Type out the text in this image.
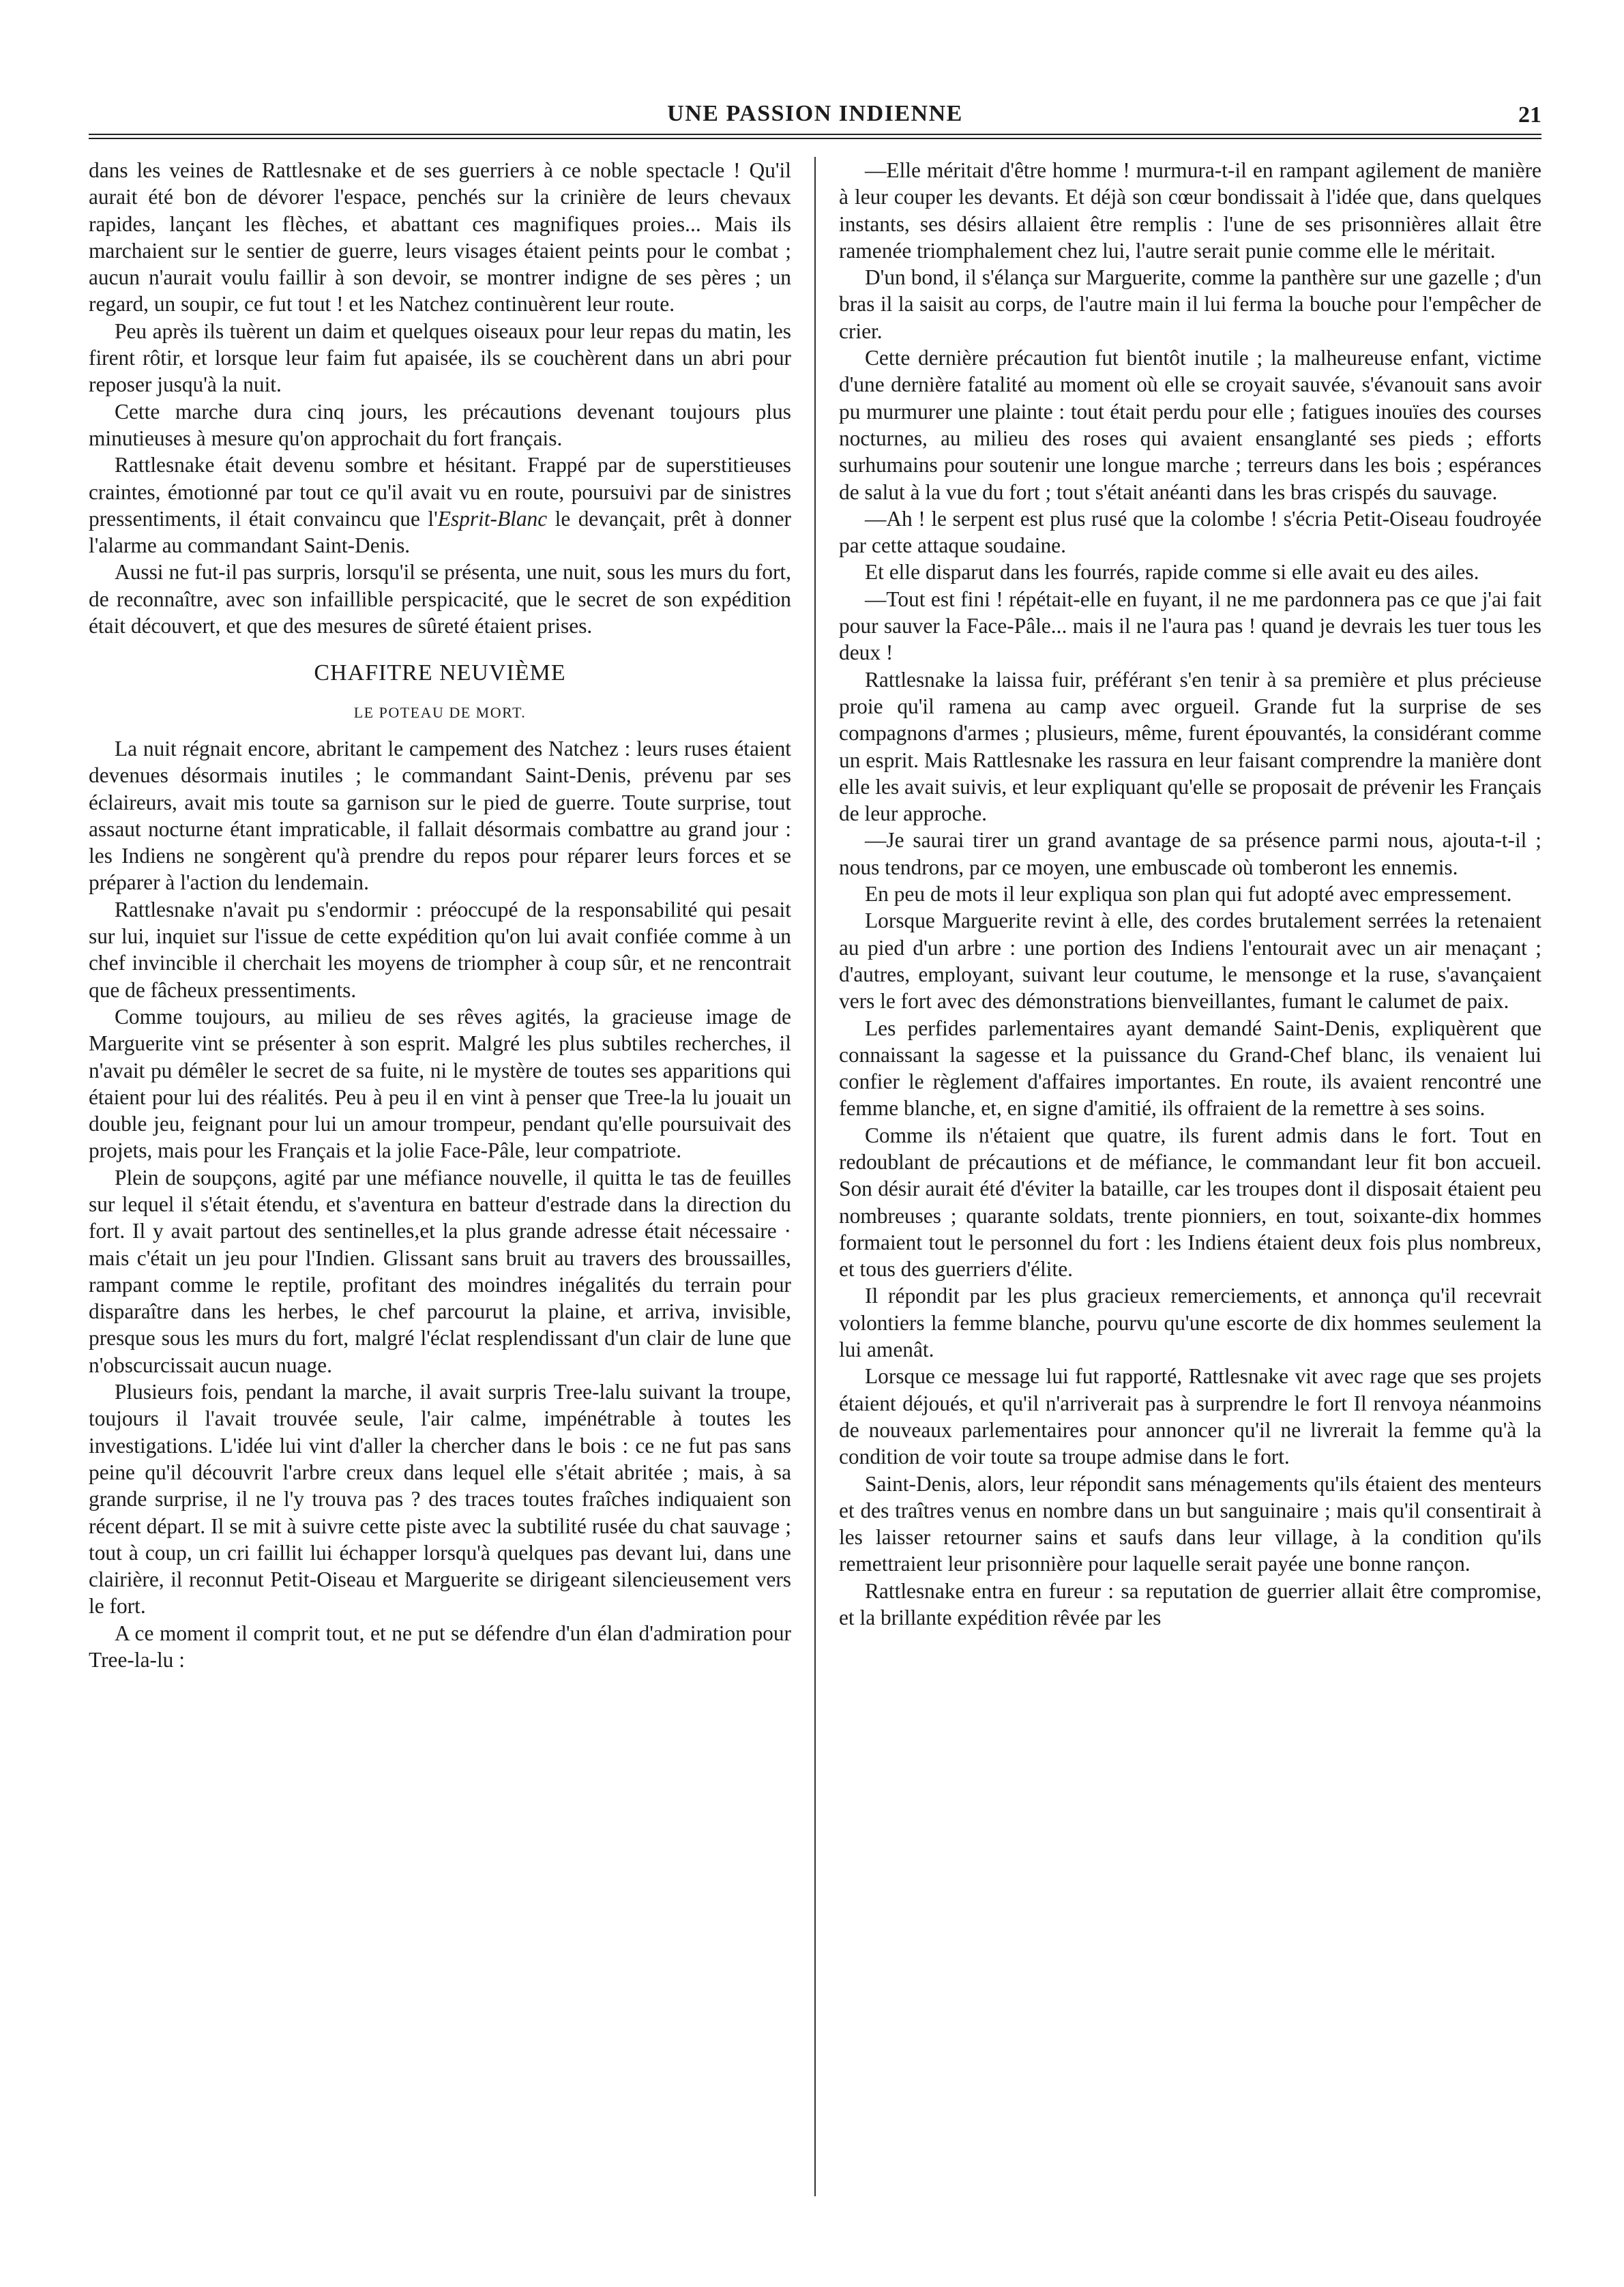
UNE PASSION INDIENNE	21

dans les veines de Rattlesnake et de ses guerriers à ce noble spectacle ! Qu'il aurait été bon de dévorer l'espace, penchés sur la crinière de leurs chevaux rapides, lançant les flèches, et abattant ces magnifiques proies... Mais ils marchaient sur le sentier de guerre, leurs visages étaient peints pour le combat ; aucun n'aurait voulu faillir à son devoir, se montrer indigne de ses pères ; un regard, un soupir, ce fut tout ! et les Natchez continuèrent leur route.

Peu après ils tuèrent un daim et quelques oiseaux pour leur repas du matin, les firent rôtir, et lorsque leur faim fut apaisée, ils se couchèrent dans un abri pour reposer jusqu'à la nuit.

Cette marche dura cinq jours, les précautions devenant toujours plus minutieuses à mesure qu'on approchait du fort français.

Rattlesnake était devenu sombre et hésitant. Frappé par de superstitieuses craintes, émotionné par tout ce qu'il avait vu en route, poursuivi par de sinistres pressentiments, il était convaincu que l'Esprit-Blanc le devançait, prêt à donner l'alarme au commandant Saint-Denis.

Aussi ne fut-il pas surpris, lorsqu'il se présenta, une nuit, sous les murs du fort, de reconnaître, avec son infaillible perspicacité, que le secret de son expédition était découvert, et que des mesures de sûreté étaient prises.

CHAFITRE NEUVIÈME
LE POTEAU DE MORT.

La nuit régnait encore, abritant le campement des Natchez : leurs ruses étaient devenues désormais inutiles ; le commandant Saint-Denis, prévenu par ses éclaireurs, avait mis toute sa garnison sur le pied de guerre. Toute surprise, tout assaut nocturne étant impraticable, il fallait désormais combattre au grand jour : les Indiens ne songèrent qu'à prendre du repos pour réparer leurs forces et se préparer à l'action du lendemain.

Rattlesnake n'avait pu s'endormir : préoccupé de la responsabilité qui pesait sur lui, inquiet sur l'issue de cette expédition qu'on lui avait confiée comme à un chef invincible il cherchait les moyens de triompher à coup sûr, et ne rencontrait que de fâcheux pressentiments.

Comme toujours, au milieu de ses rêves agités, la gracieuse image de Marguerite vint se présenter à son esprit. Malgré les plus subtiles recherches, il n'avait pu démêler le secret de sa fuite, ni le mystère de toutes ses apparitions qui étaient pour lui des réalités. Peu à peu il en vint à penser que Tree-la lu jouait un double jeu, feignant pour lui un amour trompeur, pendant qu'elle poursuivait des projets, mais pour les Français et la jolie Face-Pâle, leur compatriote.

Plein de soupçons, agité par une méfiance nouvelle, il quitta le tas de feuilles sur lequel il s'était étendu, et s'aventura en batteur d'estrade dans la direction du fort. Il y avait partout des sentinelles,et la plus grande adresse était nécessaire · mais c'était un jeu pour l'Indien. Glissant sans bruit au travers des broussailles, rampant comme le reptile, profitant des moindres inégalités du terrain pour disparaître dans les herbes, le chef parcourut la plaine, et arriva, invisible, presque sous les murs du fort, malgré l'éclat resplendissant d'un clair de lune que n'obscurcissait aucun nuage.

Plusieurs fois, pendant la marche, il avait surpris Tree-lalu suivant la troupe, toujours il l'avait trouvée seule, l'air calme, impénétrable à toutes les investigations. L'idée lui vint d'aller la chercher dans le bois : ce ne fut pas sans peine qu'il découvrit l'arbre creux dans lequel elle s'était abritée ; mais, à sa grande surprise, il ne l'y trouva pas ? des traces toutes fraîches indiquaient son récent départ. Il se mit à suivre cette piste avec la subtilité rusée du chat sauvage ; tout à coup, un cri faillit lui échapper lorsqu'à quelques pas devant lui, dans une clairière, il reconnut Petit-Oiseau et Marguerite se dirigeant silencieusement vers le fort.

A ce moment il comprit tout, et ne put se défendre d'un élan d'admiration pour Tree-la-lu :

—Elle méritait d'être homme ! murmura-t-il en rampant agilement de manière à leur couper les devants. Et déjà son cœur bondissait à l'idée que, dans quelques instants, ses désirs allaient être remplis : l'une de ses prisonnières allait être ramenée triomphalement chez lui, l'autre serait punie comme elle le méritait.

D'un bond, il s'élança sur Marguerite, comme la panthère sur une gazelle ; d'un bras il la saisit au corps, de l'autre main il lui ferma la bouche pour l'empêcher de crier.

Cette dernière précaution fut bientôt inutile ; la malheureuse enfant, victime d'une dernière fatalité au moment où elle se croyait sauvée, s'évanouit sans avoir pu murmurer une plainte : tout était perdu pour elle ; fatigues inouïes des courses nocturnes, au milieu des roses qui avaient ensanglanté ses pieds ; efforts surhumains pour soutenir une longue marche ; terreurs dans les bois ; espérances de salut à la vue du fort ; tout s'était anéanti dans les bras crispés du sauvage.

—Ah ! le serpent est plus rusé que la colombe ! s'écria Petit-Oiseau foudroyée par cette attaque soudaine.

Et elle disparut dans les fourrés, rapide comme si elle avait eu des ailes.

—Tout est fini ! répétait-elle en fuyant, il ne me pardonnera pas ce que j'ai fait pour sauver la Face-Pâle... mais il ne l'aura pas ! quand je devrais les tuer tous les deux !

Rattlesnake la laissa fuir, préférant s'en tenir à sa première et plus précieuse proie qu'il ramena au camp avec orgueil. Grande fut la surprise de ses compagnons d'armes ; plusieurs, même, furent épouvantés, la considérant comme un esprit. Mais Rattlesnake les rassura en leur faisant comprendre la manière dont elle les avait suivis, et leur expliquant qu'elle se proposait de prévenir les Français de leur approche.

—Je saurai tirer un grand avantage de sa présence parmi nous, ajouta-t-il ; nous tendrons, par ce moyen, une embuscade où tomberont les ennemis.

En peu de mots il leur expliqua son plan qui fut adopté avec empressement.

Lorsque Marguerite revint à elle, des cordes brutalement serrées la retenaient au pied d'un arbre : une portion des Indiens l'entourait avec un air menaçant ; d'autres, employant, suivant leur coutume, le mensonge et la ruse, s'avançaient vers le fort avec des démonstrations bienveillantes, fumant le calumet de paix.

Les perfides parlementaires ayant demandé Saint-Denis, expliquèrent que connaissant la sagesse et la puissance du Grand-Chef blanc, ils venaient lui confier le règlement d'affaires importantes. En route, ils avaient rencontré une femme blanche, et, en signe d'amitié, ils offraient de la remettre à ses soins.

Comme ils n'étaient que quatre, ils furent admis dans le fort. Tout en redoublant de précautions et de méfiance, le commandant leur fit bon accueil. Son désir aurait été d'éviter la bataille, car les troupes dont il disposait étaient peu nombreuses ; quarante soldats, trente pionniers, en tout, soixante-dix hommes formaient tout le personnel du fort : les Indiens étaient deux fois plus nombreux, et tous des guerriers d'élite.

Il répondit par les plus gracieux remerciements, et annonça qu'il recevrait volontiers la femme blanche, pourvu qu'une escorte de dix hommes seulement la lui amenât.

Lorsque ce message lui fut rapporté, Rattlesnake vit avec rage que ses projets étaient déjoués, et qu'il n'arriverait pas à surprendre le fort Il renvoya néanmoins de nouveaux parlementaires pour annoncer qu'il ne livrerait la femme qu'à la condition de voir toute sa troupe admise dans le fort.

Saint-Denis, alors, leur répondit sans ménagements qu'ils étaient des menteurs et des traîtres venus en nombre dans un but sanguinaire ; mais qu'il consentirait à les laisser retourner sains et saufs dans leur village, à la condition qu'ils remettraient leur prisonnière pour laquelle serait payée une bonne rançon.

Rattlesnake entra en fureur : sa reputation de guerrier allait être compromise, et la brillante expédition rêvée par les
